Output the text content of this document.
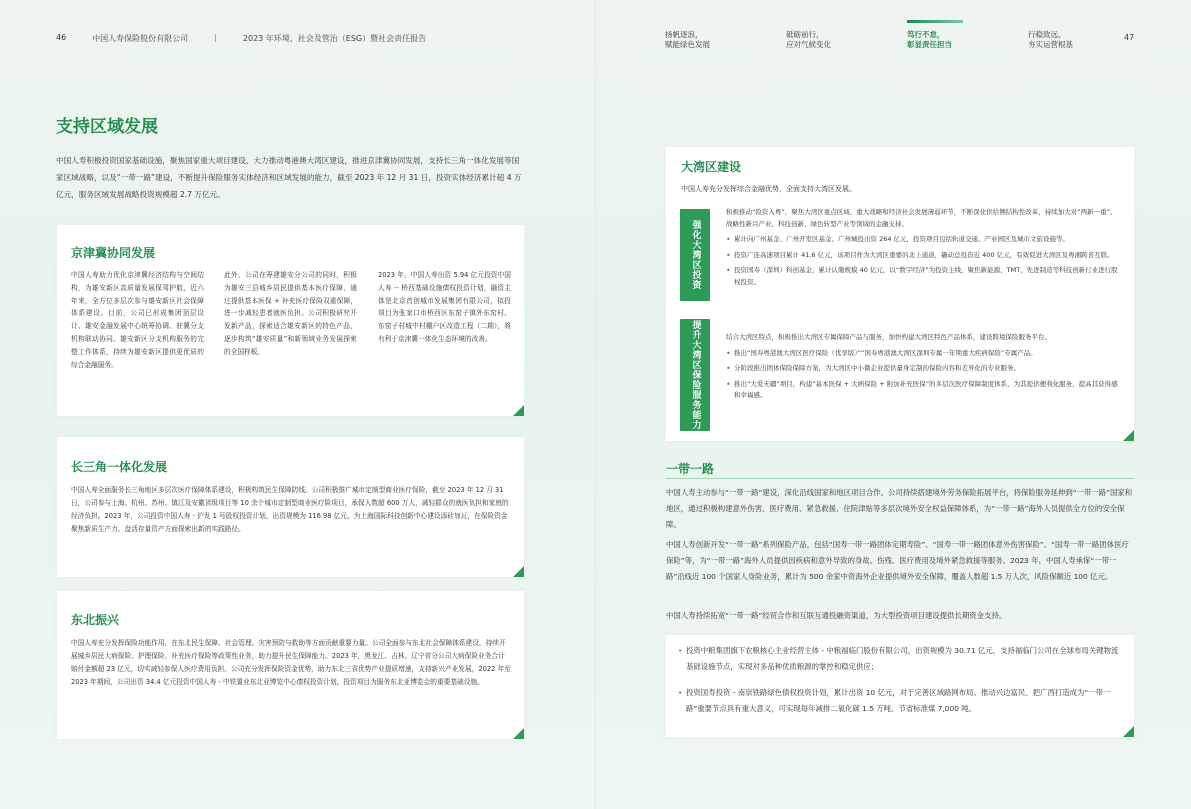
46	中国人寿保险股份有限公司	|	2023 年环境、社会及管治（ESG）暨社会责任报告
支持区域发展
中国人寿积极投资国家基础设施，聚焦国家重大项目建设，大力推动粤港澳大湾区建设，推进京津冀协同发展，支持长三角一体化发展等国家区域战略，以及“一带一路”建设，不断提升保险服务实体经济和区域发展的能力，截至 2023 年 12 月 31 日，投资实体经济累计超 4 万亿元，服务区域发展战略投资规模超 2.7 万亿元。
京津冀协同发展
中国人寿助力优化京津冀经济结构与空间结构，为雄安新区高质量发展保驾护航，近六年来，全方位多层次参与雄安新区社会保障体系建设。目前，公司已形成集团顶层设计、雄安金融发展中心统筹协调、驻冀分支机构联动协同、雄安新区分支机构服务的完整工作体系，持续为雄安新区提供更优质的综合金融服务。
此外，公司在筹建雄安分公司的同时，积极为雄安三县城乡居民提供基本医疗保障，通过提供基本医保 + 补充医疗保险双重保障，进一步减轻患者就医负担。公司积极研究开发新产品，探索适合雄安新区的特色产品，逐步构筑“雄安质量”和新领域业务发展探索的全国样板。
2023 年，中国人寿出资 5.94 亿元投资中国人寿 -- 桥西基础设施债权投资计划，融资主体是北京首创城市发展集团有限公司，拟投项目为张家口市桥西区东窑子镇外东窑村、东窑子村城中村棚户区改造工程（二期），将有利于京津冀一体化生态环境的改善。
长三角一体化发展

中国人寿全面服务长三角地区多层次医疗保障体系建设，积极构筑民生保障防线。公司积极推广城市定制型商业医疗保险，截至 2023 年 12 月 31 日，公司参与上海、杭州、苏州、镇江及安徽省级项目等 10 余个城市定制型商业医疗险项目，承保人数超 600 万人，减轻群众的就医负担和家庭的经济负担。2023 年，公司投资中国人寿 - 沪发 1 号股权投资计划，出资规模为 116.98 亿元，为上海国际科技创新中心建设添砖加瓦，在保险资金聚焦新质生产力、盘活存量资产方面探索出新的实践路径。

东北振兴

中国人寿充分发挥保险功能作用，在东北民生保障、社会管理、灾害预防与救助等方面贡献重要力量。公司全面参与东北社会保障体系建设，持续开展城乡居民大病保险、护理保险、补充医疗保险等政策性业务，助力提升民生保障能力。2023 年，黑龙江、吉林、辽宁省分公司大病保险业务合计赔付金额超 23 亿元，切实减轻参保人医疗费用负担。公司充分发挥保险资金优势，助力东北三省优势产业提质增速，支持新兴产业发展，2022 年至 2023 年期间，公司出资 34.4 亿元投资中国人寿 - 中铁置业东北亚博览中心债权投资计划，投资项目为服务东北亚博览会的重要基础设施。

扬帆逐浪，
赋能绿色发展
砥砺前行，
应对气候变化
笃行不怠，
彰显责任担当
行稳致远，
夯实运营根基
47
大湾区建设
中国人寿充分发挥综合金融优势，全面支持大湾区发展。
强化大湾区投资
积极推动“险资入粤”，聚焦大湾区重点区域、重大战略和经济社会发展薄弱环节，不断深化供给侧结构性改革，持续加大对“两新一重”、战略性新兴产业、科技创新、绿色转型产业等领域的金融支持。
• 累计向广州基金、广州开发区基金、广州城投出资 264 亿元，投资项目包括轨道交通、产业园区及城市文旅设施等。
• 投资广连高速项目累计 41.6 亿元，该项目作为大湾区重要的北上通道，撬动总投资近 400 亿元，有效促进大湾区及粤湘跨省互联。
• 投资国寿（深圳）科创基金，累计认缴规模 40 亿元，以“数字经济”为投资主线，聚焦新能源、TMT、先进制造等科技创新行业进行股权投资。
提升大湾区保险服务能力	结合大湾区特点，积极推出大湾区专属保障产品与服务，加快构建大湾区特色产品体系，建设跨境保险服务平台。
• 推出“国寿粤港澳大湾区医疗保险（优享版）”“国寿粤港澳大湾区深圳专属一年期重大疾病保险”专属产品。
• 分阶段推出团体保险保障方案，为大湾区中小微企业提供量身定制的保险内容和差异化的专业服务。
• 推出“大爱无疆”项目，构建“基本医保 + 大病保险 + 附加补充医保”的多层次医疗保障制度体系，为其提供便利化服务，提高其获得感和幸福感。
一带一路
中国人寿主动参与“一带一路”建设，深化沿线国家和地区项目合作。公司持续搭建境外劳务保险拓展平台，将保险服务延伸到“一带一路”国家和地区，通过积极构建意外伤害、医疗费用、紧急救援、住院津贴等多层次境外安全权益保障体系，为“一带一路”海外人员提供全方位的安全保障。
中国人寿创新开发“一带一路”系列保险产品，包括“国寿一带一路团体定期寿险”、“国寿一带一路团体意外伤害保险”、“国寿一带一路团体医疗保险”等，为“一带一路”海外人员提供因疾病和意外导致的身故、伤残、医疗费用及境外紧急救援等服务。2023 年，中国人寿承保“一带一路”沿线近 100 个国家人身险业务，累计为 500 余家中资海外企业提供境外安全保障，覆盖人数超 1.5 万人次，风险保额近 100 亿元。
中国人寿持续拓宽“一带一路”经贸合作和互联互通投融资渠道，为大型投资项目建设提供长期资金支持。
• 投资中粮集团旗下农粮核心主业经营主体 - 中粮福临门股份有限公司，出资规模为 30.71 亿元，支持福临门公司在全球布局关键物流基础设施节点，实现对多品种优质粮源的掌控和稳定供应；
• 投资国寿投资 - 南崇铁路绿色债权投资计划，累计出资 10 亿元，对于完善区域路网布局、推动兴边富民、把广西打造成为“一带一路”重要节点具有重大意义，可实现每年减排二氧化碳 1.5 万吨、节省标准煤 7,000 吨。
